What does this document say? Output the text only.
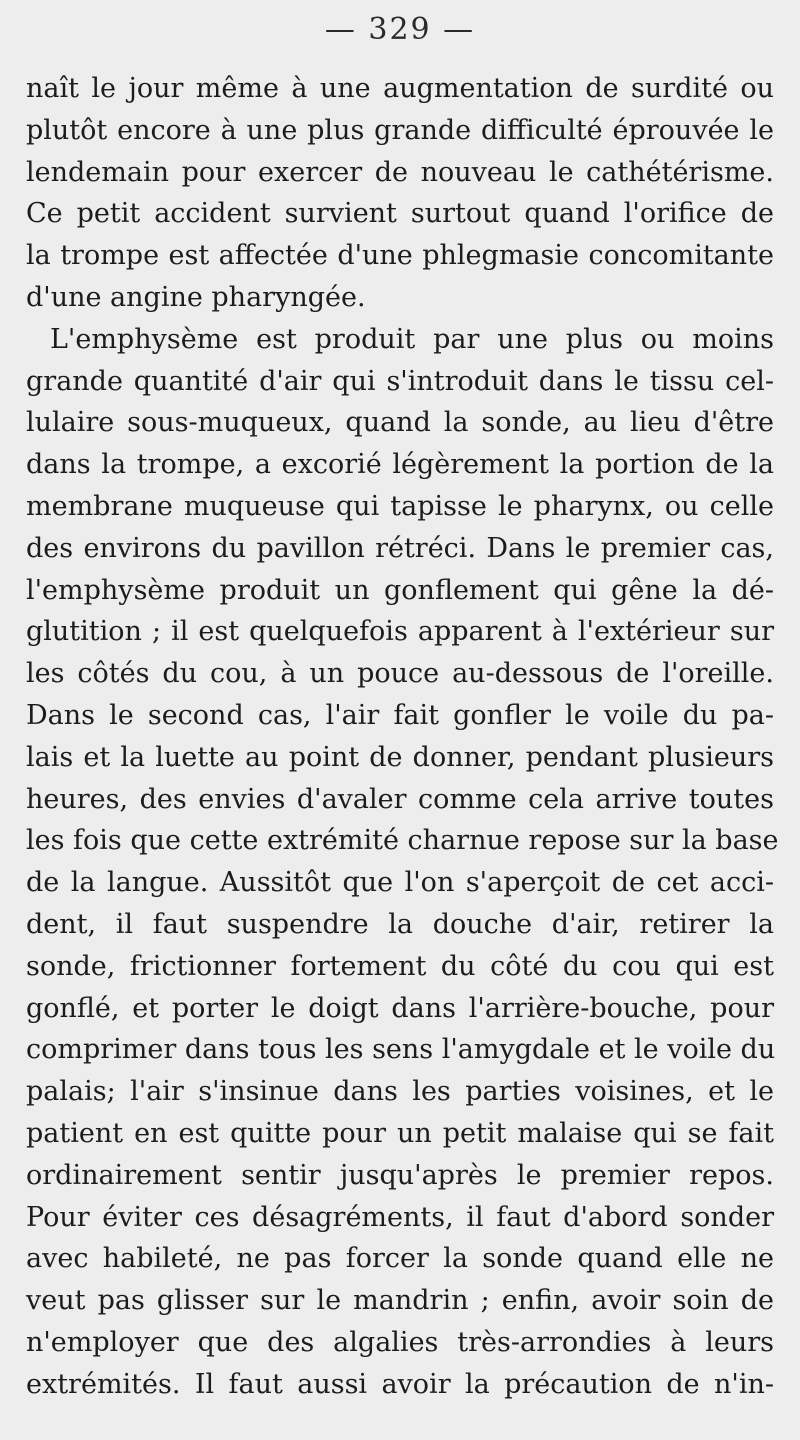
— 329 —
naît le jour même à une augmentation de surdité ou
plutôt encore à une plus grande difficulté éprouvée le
lendemain pour exercer de nouveau le cathétérisme.
Ce petit accident survient surtout quand l'orifice de
la trompe est affectée d'une phlegmasie concomitante
d'une angine pharyngée.
L'emphysème est produit par une plus ou moins
grande quantité d'air qui s'introduit dans le tissu cel-
lulaire sous-muqueux, quand la sonde, au lieu d'être
dans la trompe, a excorié légèrement la portion de la
membrane muqueuse qui tapisse le pharynx, ou celle
des environs du pavillon rétréci. Dans le premier cas,
l'emphysème produit un gonflement qui gêne la dé-
glutition ; il est quelquefois apparent à l'extérieur sur
les côtés du cou, à un pouce au-dessous de l'oreille.
Dans le second cas, l'air fait gonfler le voile du pa-
lais et la luette au point de donner, pendant plusieurs
heures, des envies d'avaler comme cela arrive toutes
les fois que cette extrémité charnue repose sur la base
de la langue. Aussitôt que l'on s'aperçoit de cet acci-
dent, il faut suspendre la douche d'air, retirer la
sonde, frictionner fortement du côté du cou qui est
gonflé, et porter le doigt dans l'arrière-bouche, pour
comprimer dans tous les sens l'amygdale et le voile du
palais; l'air s'insinue dans les parties voisines, et le
patient en est quitte pour un petit malaise qui se fait
ordinairement sentir jusqu'après le premier repos.
Pour éviter ces désagréments, il faut d'abord sonder
avec habileté, ne pas forcer la sonde quand elle ne
veut pas glisser sur le mandrin ; enfin, avoir soin de
n'employer que des algalies très-arrondies à leurs
extrémités. Il faut aussi avoir la précaution de n'in-
